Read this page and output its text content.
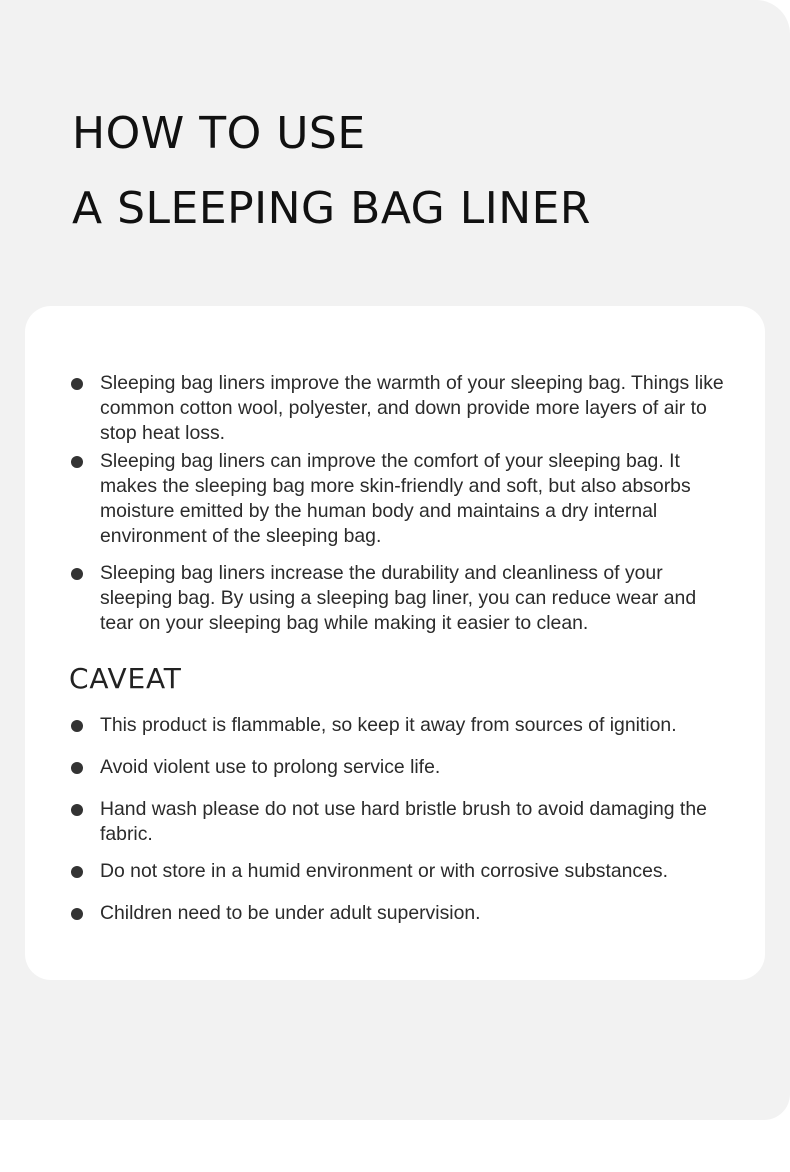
HOW TO USE
A SLEEPING BAG LINER
Sleeping bag liners improve the warmth of your sleeping bag. Things like common cotton wool, polyester, and down provide more layers of air to stop heat loss.
Sleeping bag liners can improve the comfort of your sleeping bag. It makes the sleeping bag more skin-friendly and soft, but also absorbs moisture emitted by the human body and maintains a dry internal environment of the sleeping bag.
Sleeping bag liners increase the durability and cleanliness of your sleeping bag. By using a sleeping bag liner, you can reduce wear and tear on your sleeping bag while making it easier to clean.
CAVEAT
This product is flammable, so keep it away from sources of ignition.
Avoid violent use to prolong service life.
Hand wash please do not use hard bristle brush to avoid damaging the fabric.
Do not store in a humid environment or with corrosive substances.
Children need to be under adult supervision.
